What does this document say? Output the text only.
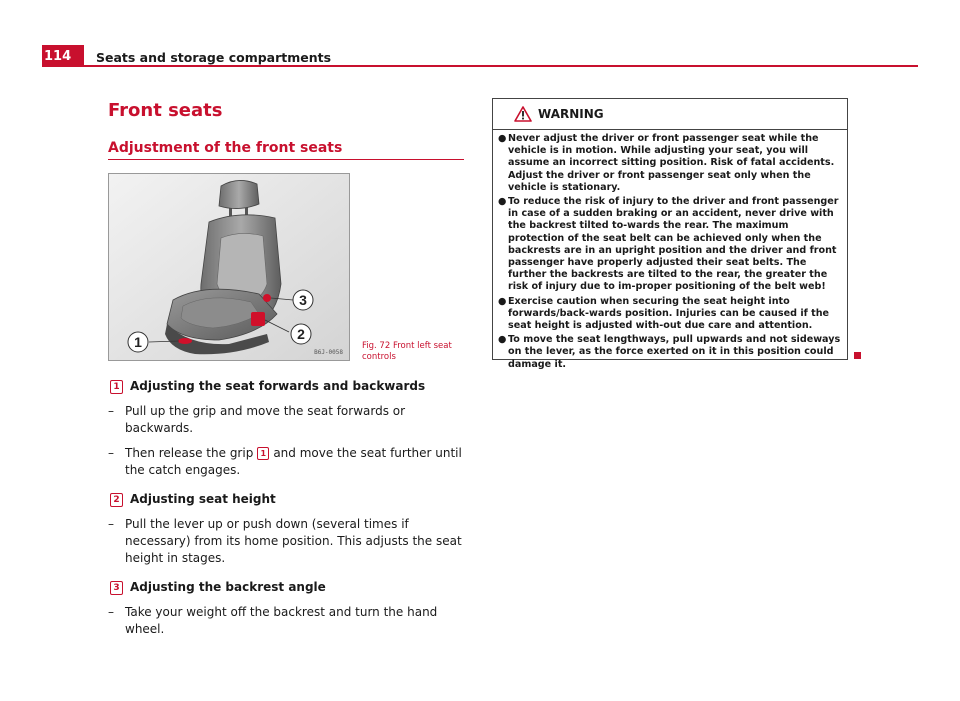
114	Seats and storage compartments
Front seats
Adjustment of the front seats
1	2
3
B6J-0058
Fig. 72 Front left seat controls
1 Adjusting the seat forwards and backwards
– Pull up the grip and move the seat forwards or backwards.
– Then release the grip 1 and move the seat further until the catch engages.
2 Adjusting seat height
– Pull the lever up or push down (several times if necessary) from its home position. This adjusts the seat height in stages.
3 Adjusting the backrest angle
– Take your weight off the backrest and turn the hand wheel.
WARNING
● Never adjust the driver or front passenger seat while the vehicle is in motion. While adjusting your seat, you will assume an incorrect sitting position. Risk of fatal accidents. Adjust the driver or front passenger seat only when the vehicle is stationary.
● To reduce the risk of injury to the driver and front passenger in case of a sudden braking or an accident, never drive with the backrest tilted to-wards the rear. The maximum protection of the seat belt can be achieved only when the backrests are in an upright position and the driver and front passenger have properly adjusted their seat belts. The further the backrests are tilted to the rear, the greater the risk of injury due to im-proper positioning of the belt web!
● Exercise caution when securing the seat height into forwards/back-wards position. Injuries can be caused if the seat height is adjusted with-out due care and attention.
● To move the seat lengthways, pull upwards and not sideways on the lever, as the force exerted on it in this position could damage it.
